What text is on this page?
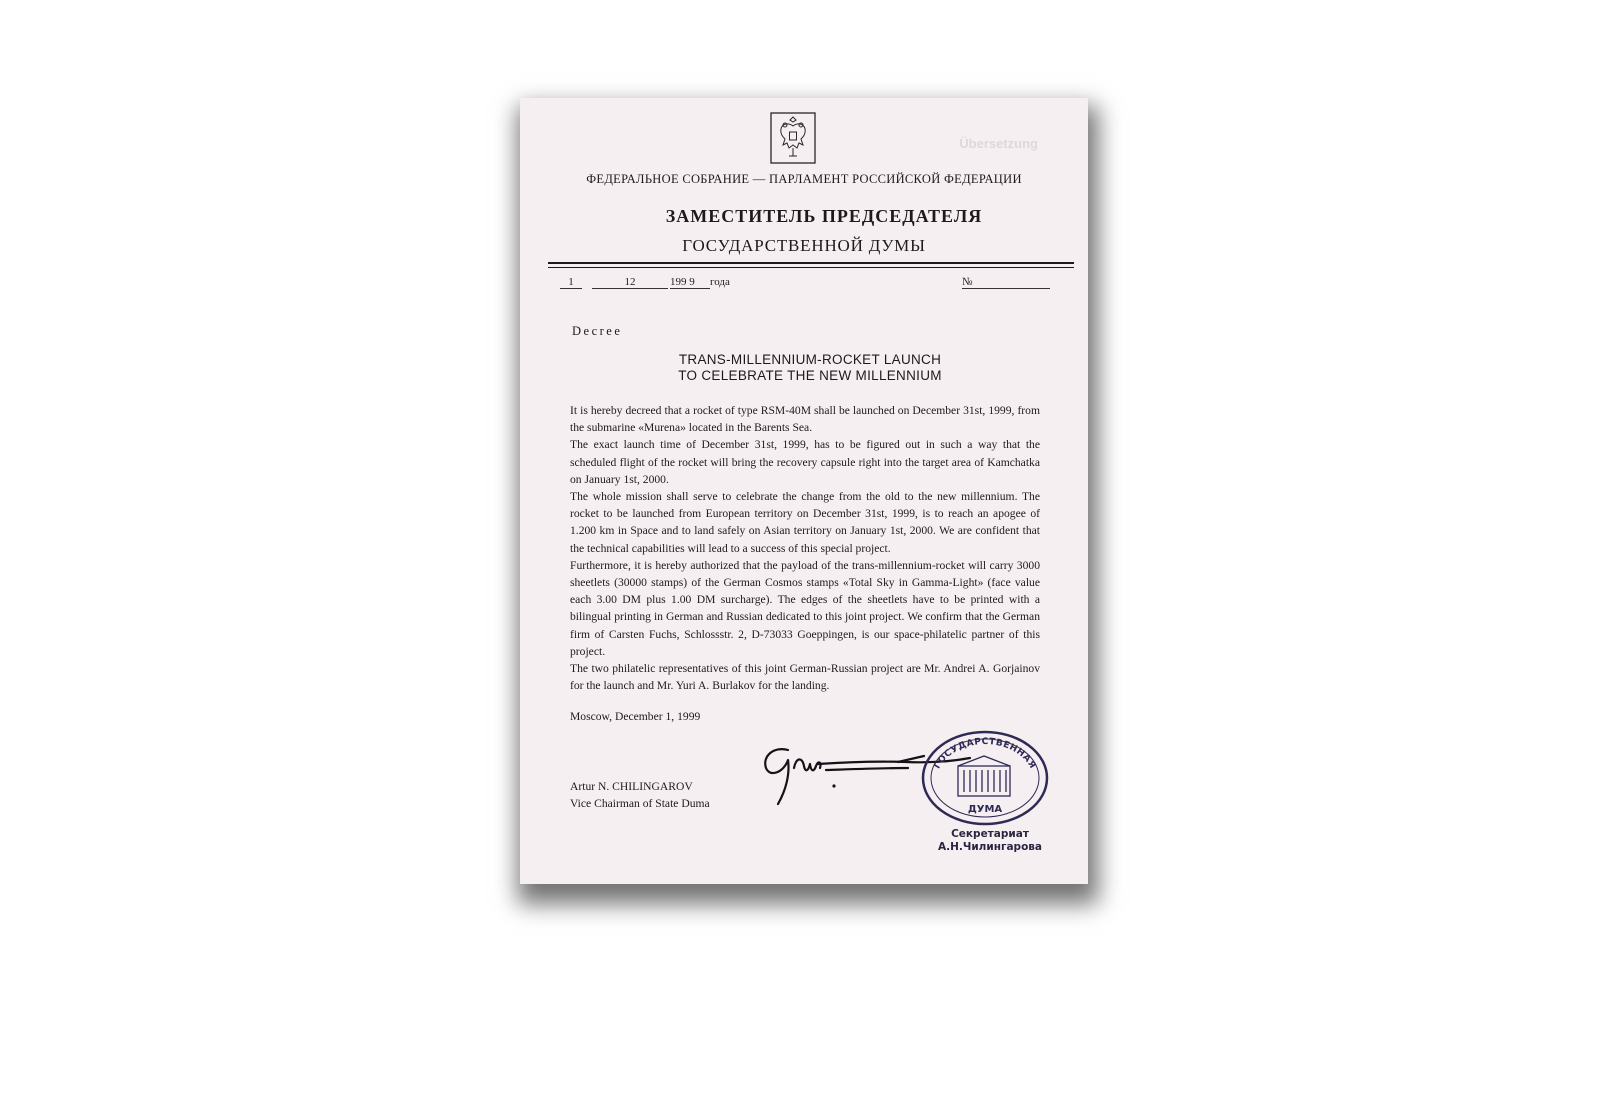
Übersetzung
ФЕДЕРАЛЬНОЕ СОБРАНИЕ — ПАРЛАМЕНТ РОССИЙСКОЙ ФЕДЕРАЦИИ
ЗАМЕСТИТЕЛЬ ПРЕДСЕДАТЕЛЯ
ГОСУДАРСТВЕННОЙ ДУМЫ
1	12	199 9	года	№
Decree
TRANS-MILLENNIUM-ROCKET LAUNCH
TO CELEBRATE THE NEW MILLENNIUM

It is hereby decreed that a rocket of type RSM-40M shall be launched on December 31st, 1999, from the submarine «Murena» located in the Barents Sea.

The exact launch time of December 31st, 1999, has to be figured out in such a way that the scheduled flight of the rocket will bring the recovery capsule right into the target area of Kamchatka on January 1st, 2000.

The whole mission shall serve to celebrate the change from the old to the new millennium. The rocket to be launched from European territory on December 31st, 1999, is to reach an apogee of 1.200 km in Space and to land safely on Asian territory on January 1st, 2000. We are confident that the technical capabilities will lead to a success of this special project.

Furthermore, it is hereby authorized that the payload of the trans-millennium-rocket will carry 3000 sheetlets (30000 stamps) of the German Cosmos stamps «Total Sky in Gamma-Light» (face value each 3.00 DM plus 1.00 DM surcharge). The edges of the sheetlets have to be printed with a bilingual printing in German and Russian dedicated to this joint project. We confirm that the German firm of Carsten Fuchs, Schlossstr. 2, D-73033 Goeppingen, is our space-philatelic partner of this project.

The two philatelic representatives of this joint German-Russian project are Mr. Andrei A. Gorjainov for the launch and Mr. Yuri A. Burlakov for the landing.

Moscow, December 1, 1999
Artur N. CHILINGAROV
Vice Chairman of State Duma
ГОСУДАРСТВЕННАЯ
ДУМА
Секретариат
А.Н.Чилингарова
